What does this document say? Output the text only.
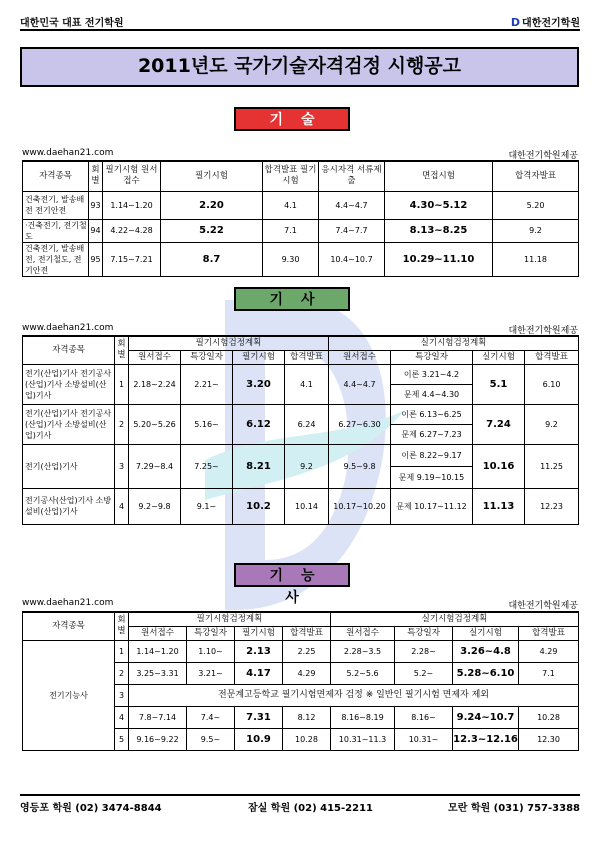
대한민국 대표 전기학원	D 대한전기학원
2011년도 국가기술자격검정 시행공고
기술사
www.daehan21.com	대한전기학원제공
자격종목	회별	필기시험 원서접수	필기시험	합격발표 필기시험	응시자격 서류제출	면접시험	합격자발표
건축전기, 발송배전 전기안전	93	1.14~1.20	2.20	4.1	4.4~4.7	4.30~5.12	5.20
·건축전기, 전기철도	94	4.22~4.28	5.22	7.1	7.4~7.7	8.13~8.25	9.2
건축전기, 발송배전, 전기철도, 전기안전	95	7.15~7.21	8.7	9.30	10.4~10.7	10.29~11.10	11.18
기사
www.daehan21.com	대한전기학원제공
자격종목	회별	필기시험검정계획				실기시험검정계획			
		원서접수	특강일자	필기시험	합격발표	원서접수	특강일자	실기시험	합격발표
전기(산업)기사 전기공사(산업)기사 소방설비(산업)기사	1	2.18~2.24	2.21~	3.20	4.1	4.4~4.7	이론 3.21~4.2	5.1	6.10
							문제 4.4~4.30		
전기(산업)기사 전기공사(산업)기사 소방설비(산업)기사	2	5.20~5.26	5.16~	6.12	6.24	6.27~6.30	이론 6.13~6.25	7.24	9.2
							문제 6.27~7.23		
전기(산업)기사	3	7.29~8.4	7.25~	8.21	9.2	9.5~9.8	이론 8.22~9.17	10.16	11.25
							문제 9.19~10.15		
전기공사(산업)기사 소방설비(산업)기사	4	9.2~9.8	9.1~	10.2	10.14	10.17~10.20	문제 10.17~11.12	11.13	12.23
기능사
www.daehan21.com	대한전기학원제공
자격종목	회별	필기시험검정계획				실기시험검정계획			
		원서접수	특강일자	필기시험	합격발표	원서접수	특강일자	실기시험	합격발표
전기기능사	1	1.14~1.20	1.10~	2.13	2.25	2.28~3.5	2.28~	3.26~4.8	4.29
	2	3.25~3.31	3.21~	4.17	4.29	5.2~5.6	5.2~	5.28~6.10	7.1
	3	전문계고등학교 필기시험면제자 검정 ※ 일반인 필기시험 면제자 제외							
	4	7.8~7.14	7.4~	7.31	8.12	8.16~8.19	8.16~	9.24~10.7	10.28
	5	9.16~9.22	9.5~	10.9	10.28	10.31~11.3	10.31~	12.3~12.16	12.30
영등포 학원 (02) 3474-8844	잠실 학원 (02) 415-2211	모란 학원 (031) 757-3388
